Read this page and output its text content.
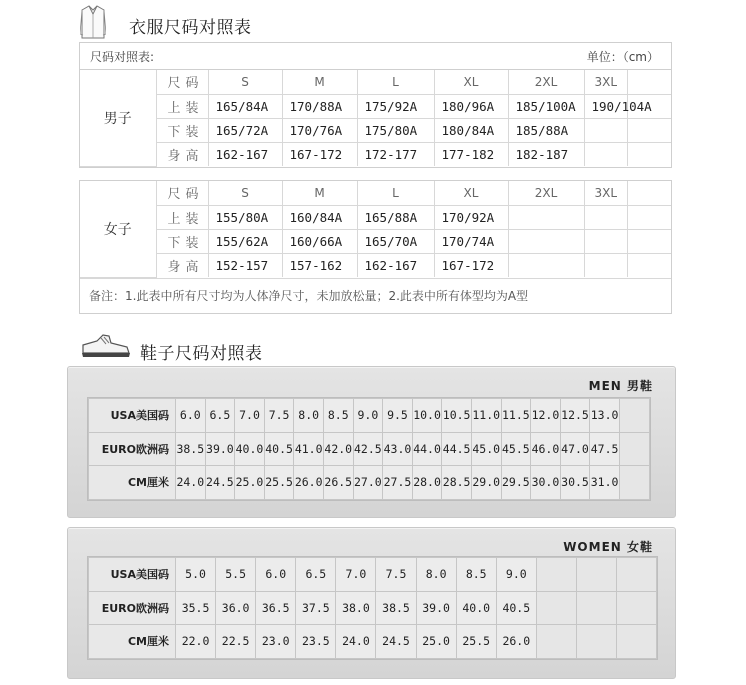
衣服尺码对照表
尺码对照表:	单位：（cm）
男子	尺码	S	M	L	XL	2XL	3XL	
	上装	165/84A	170/88A	175/92A	180/96A	185/100A	190/104A	
	下装	165/72A	170/76A	175/80A	180/84A	185/88A		
	身高	162-167	167-172	172-177	177-182	182-187		
女子	尺码	S	M	L	XL	2XL	3XL	
	上装	155/80A	160/84A	165/88A	170/92A			
	下装	155/62A	160/66A	165/70A	170/74A			
	身高	152-157	157-162	162-167	167-172			
备注：1.此表中所有尺寸均为人体净尺寸，未加放松量；2.此表中所有体型均为A型
鞋子尺码对照表
MEN 男鞋
USA美国码	6.0	6.5	7.0	7.5	8.0	8.5	9.0	9.5	10.0	10.5	11.0	11.5	12.0	12.5	13.0	
EURO欧洲码	38.5	39.0	40.0	40.5	41.0	42.0	42.5	43.0	44.0	44.5	45.0	45.5	46.0	47.0	47.5	
CM厘米	24.0	24.5	25.0	25.5	26.0	26.5	27.0	27.5	28.0	28.5	29.0	29.5	30.0	30.5	31.0	
WOMEN 女鞋
USA美国码	5.0	5.5	6.0	6.5	7.0	7.5	8.0	8.5	9.0			
EURO欧洲码	35.5	36.0	36.5	37.5	38.0	38.5	39.0	40.0	40.5			
CM厘米	22.0	22.5	23.0	23.5	24.0	24.5	25.0	25.5	26.0			
